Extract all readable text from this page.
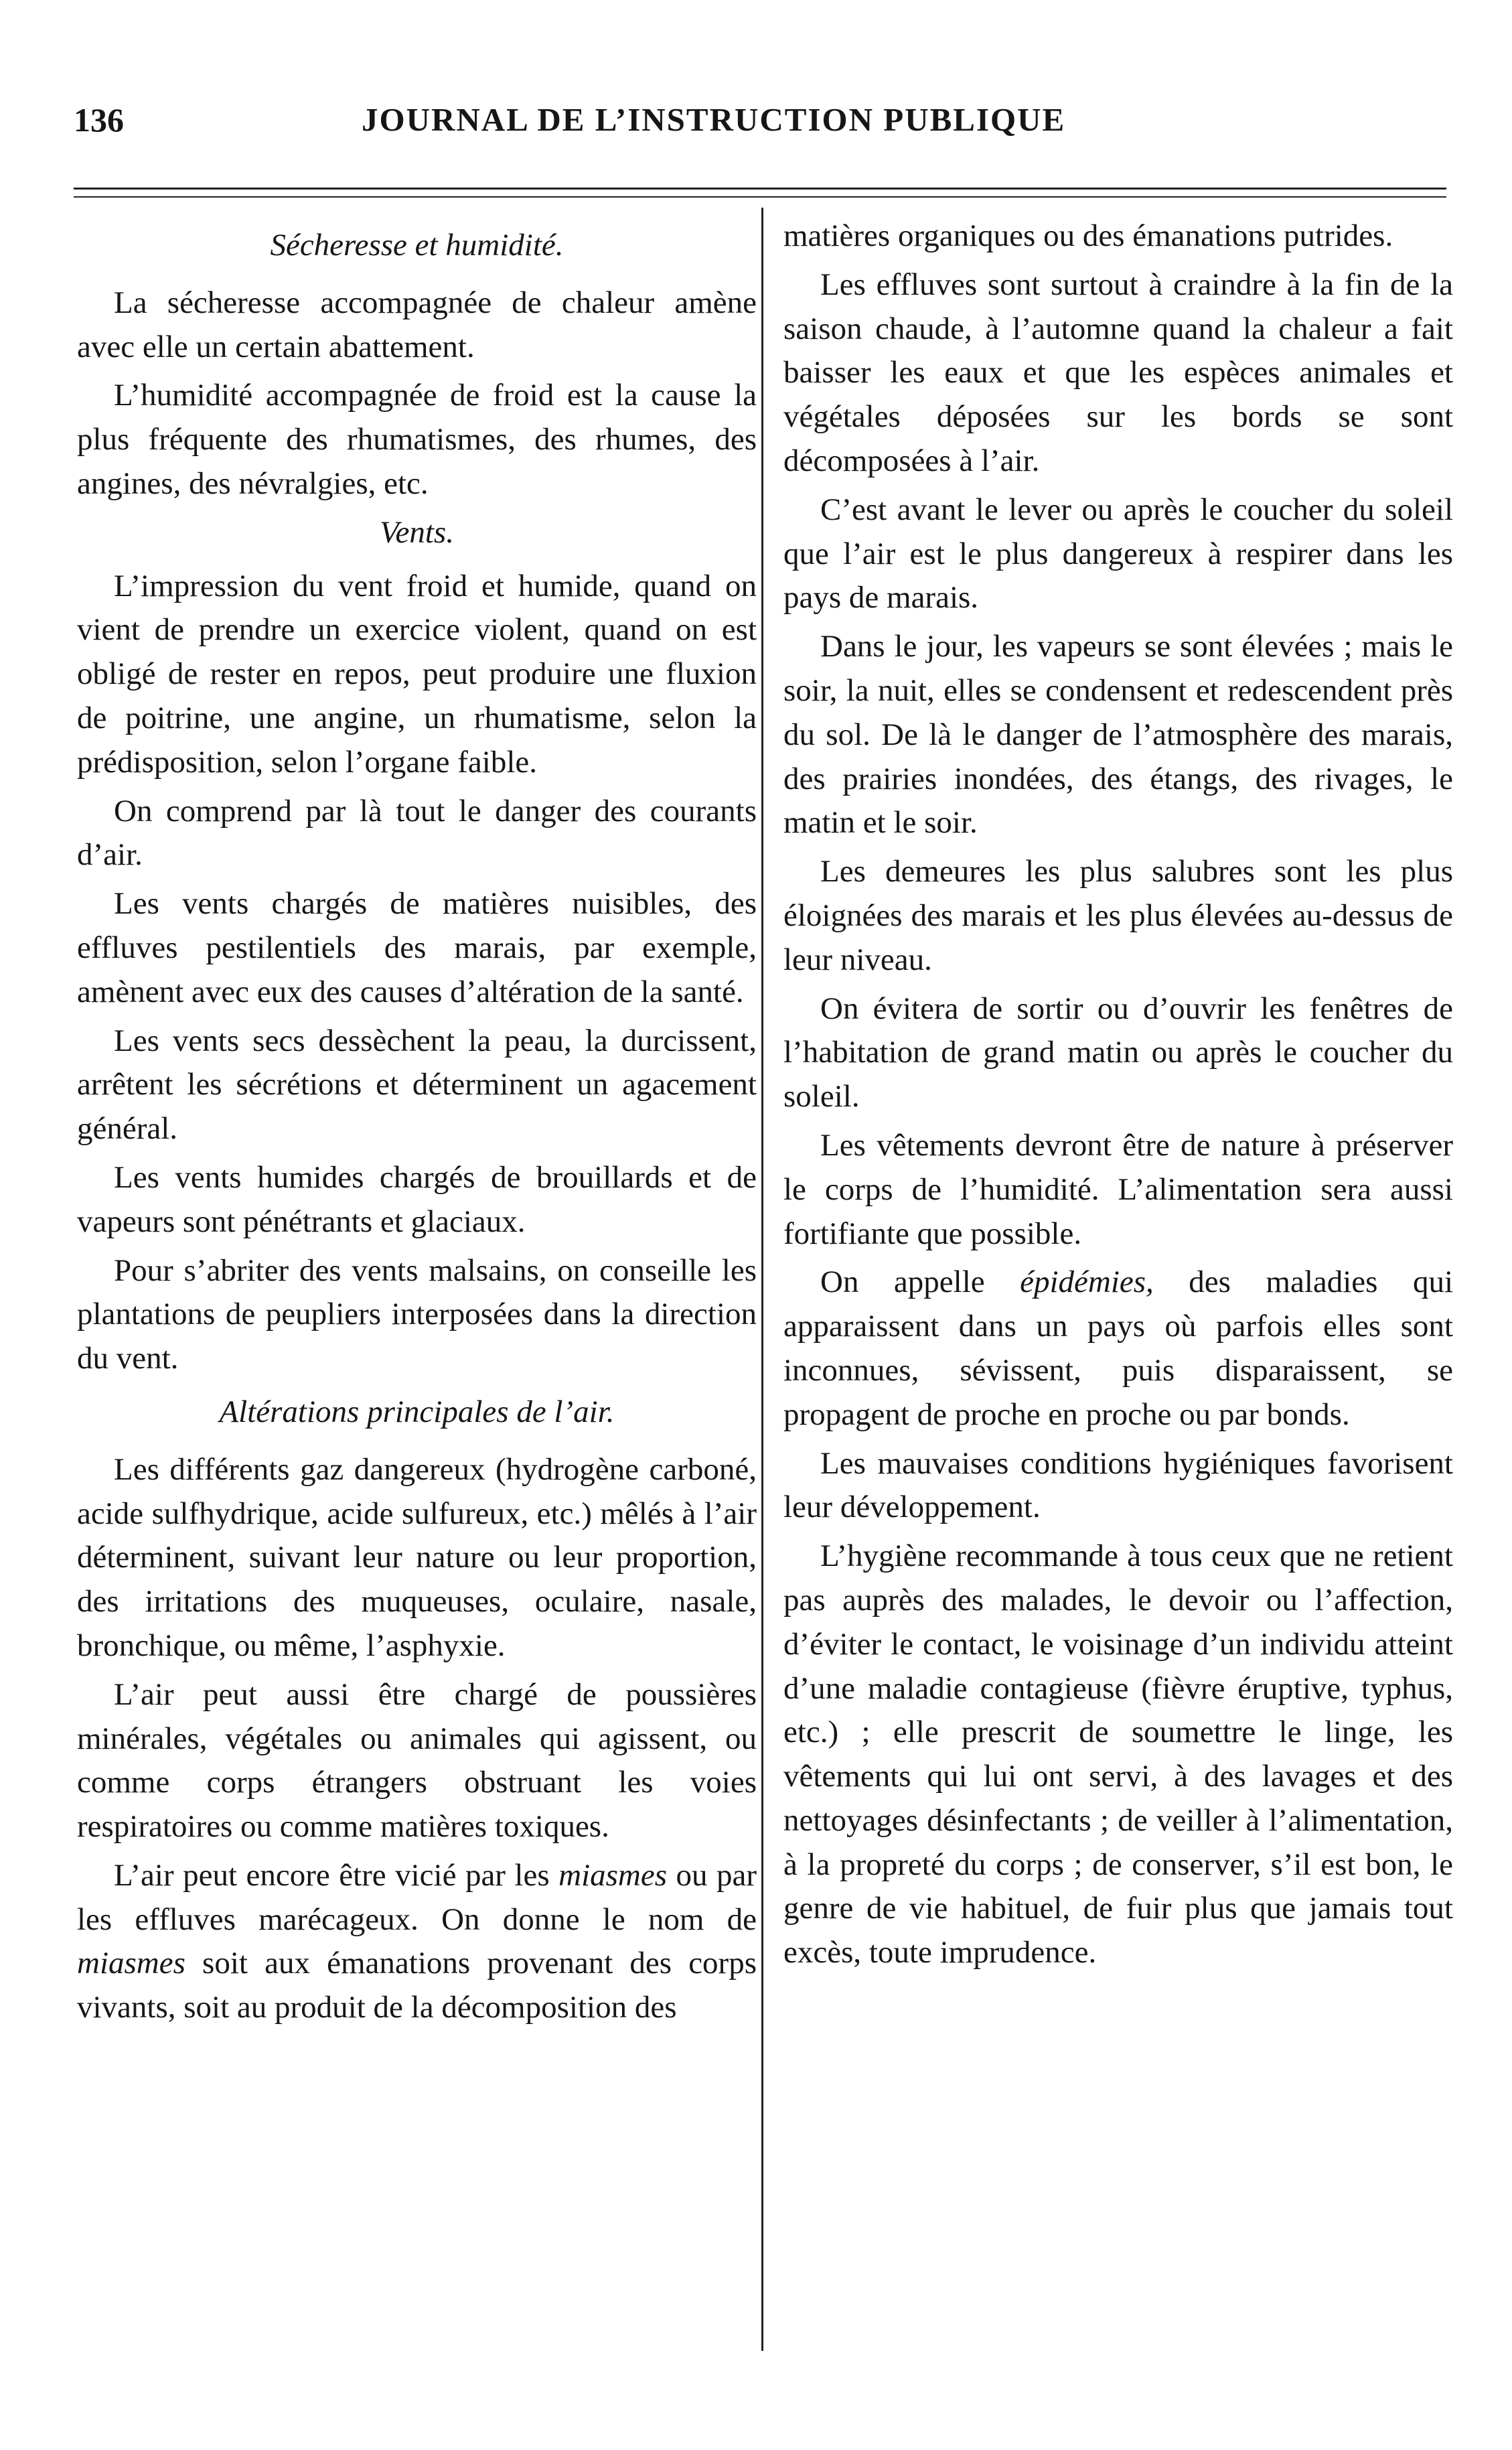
136	JOURNAL DE L’INSTRUCTION PUBLIQUE
Sécheresse et humidité.

La sécheresse accompagnée de chaleur amène avec elle un certain abattement.

L’humidité accompagnée de froid est la cause la plus fréquente des rhumatismes, des rhumes, des angines, des névralgies, etc.

Vents.

L’impression du vent froid et humide, quand on vient de prendre un exercice violent, quand on est obligé de rester en repos, peut produire une fluxion de poitrine, une angine, un rhumatisme, selon la prédisposition, selon l’organe faible.

On comprend par là tout le danger des courants d’air.

Les vents chargés de matières nuisibles, des effluves pestilentiels des marais, par exemple, amènent avec eux des causes d’altération de la santé.

Les vents secs dessèchent la peau, la durcissent, arrêtent les sécrétions et déterminent un agacement général.

Les vents humides chargés de brouillards et de vapeurs sont pénétrants et glaciaux.

Pour s’abriter des vents malsains, on conseille les plantations de peupliers interposées dans la direction du vent.

Altérations principales de l’air.

Les différents gaz dangereux (hydrogène carboné, acide sulfhydrique, acide sulfureux, etc.) mêlés à l’air déterminent, suivant leur nature ou leur proportion, des irritations des muqueuses, oculaire, nasale, bronchique, ou même, l’asphyxie.

L’air peut aussi être chargé de poussières minérales, végétales ou animales qui agissent, ou comme corps étrangers obstruant les voies respiratoires ou comme matières toxiques.

L’air peut encore être vicié par les miasmes ou par les effluves marécageux. On donne le nom de miasmes soit aux émanations provenant des corps vivants, soit au produit de la décomposition des

matières organiques ou des émanations putrides.

Les effluves sont surtout à craindre à la fin de la saison chaude, à l’automne quand la chaleur a fait baisser les eaux et que les espèces animales et végétales déposées sur les bords se sont décomposées à l’air.

C’est avant le lever ou après le coucher du soleil que l’air est le plus dangereux à respirer dans les pays de marais.

Dans le jour, les vapeurs se sont élevées ; mais le soir, la nuit, elles se condensent et redescendent près du sol. De là le danger de l’atmosphère des marais, des prairies inondées, des étangs, des rivages, le matin et le soir.

Les demeures les plus salubres sont les plus éloignées des marais et les plus élevées au-dessus de leur niveau.

On évitera de sortir ou d’ouvrir les fenêtres de l’habitation de grand matin ou après le coucher du soleil.

Les vêtements devront être de nature à préserver le corps de l’humidité. L’alimentation sera aussi fortifiante que possible.

On appelle épidémies, des maladies qui apparaissent dans un pays où parfois elles sont inconnues, sévissent, puis disparaissent, se propagent de proche en proche ou par bonds.

Les mauvaises conditions hygiéniques favorisent leur développement.

L’hygiène recommande à tous ceux que ne retient pas auprès des malades, le devoir ou l’affection, d’éviter le contact, le voisinage d’un individu atteint d’une maladie contagieuse (fièvre éruptive, typhus, etc.) ; elle prescrit de soumettre le linge, les vêtements qui lui ont servi, à des lavages et des nettoyages désinfectants ; de veiller à l’alimentation, à la propreté du corps ; de conserver, s’il est bon, le genre de vie habituel, de fuir plus que jamais tout excès, toute imprudence.
